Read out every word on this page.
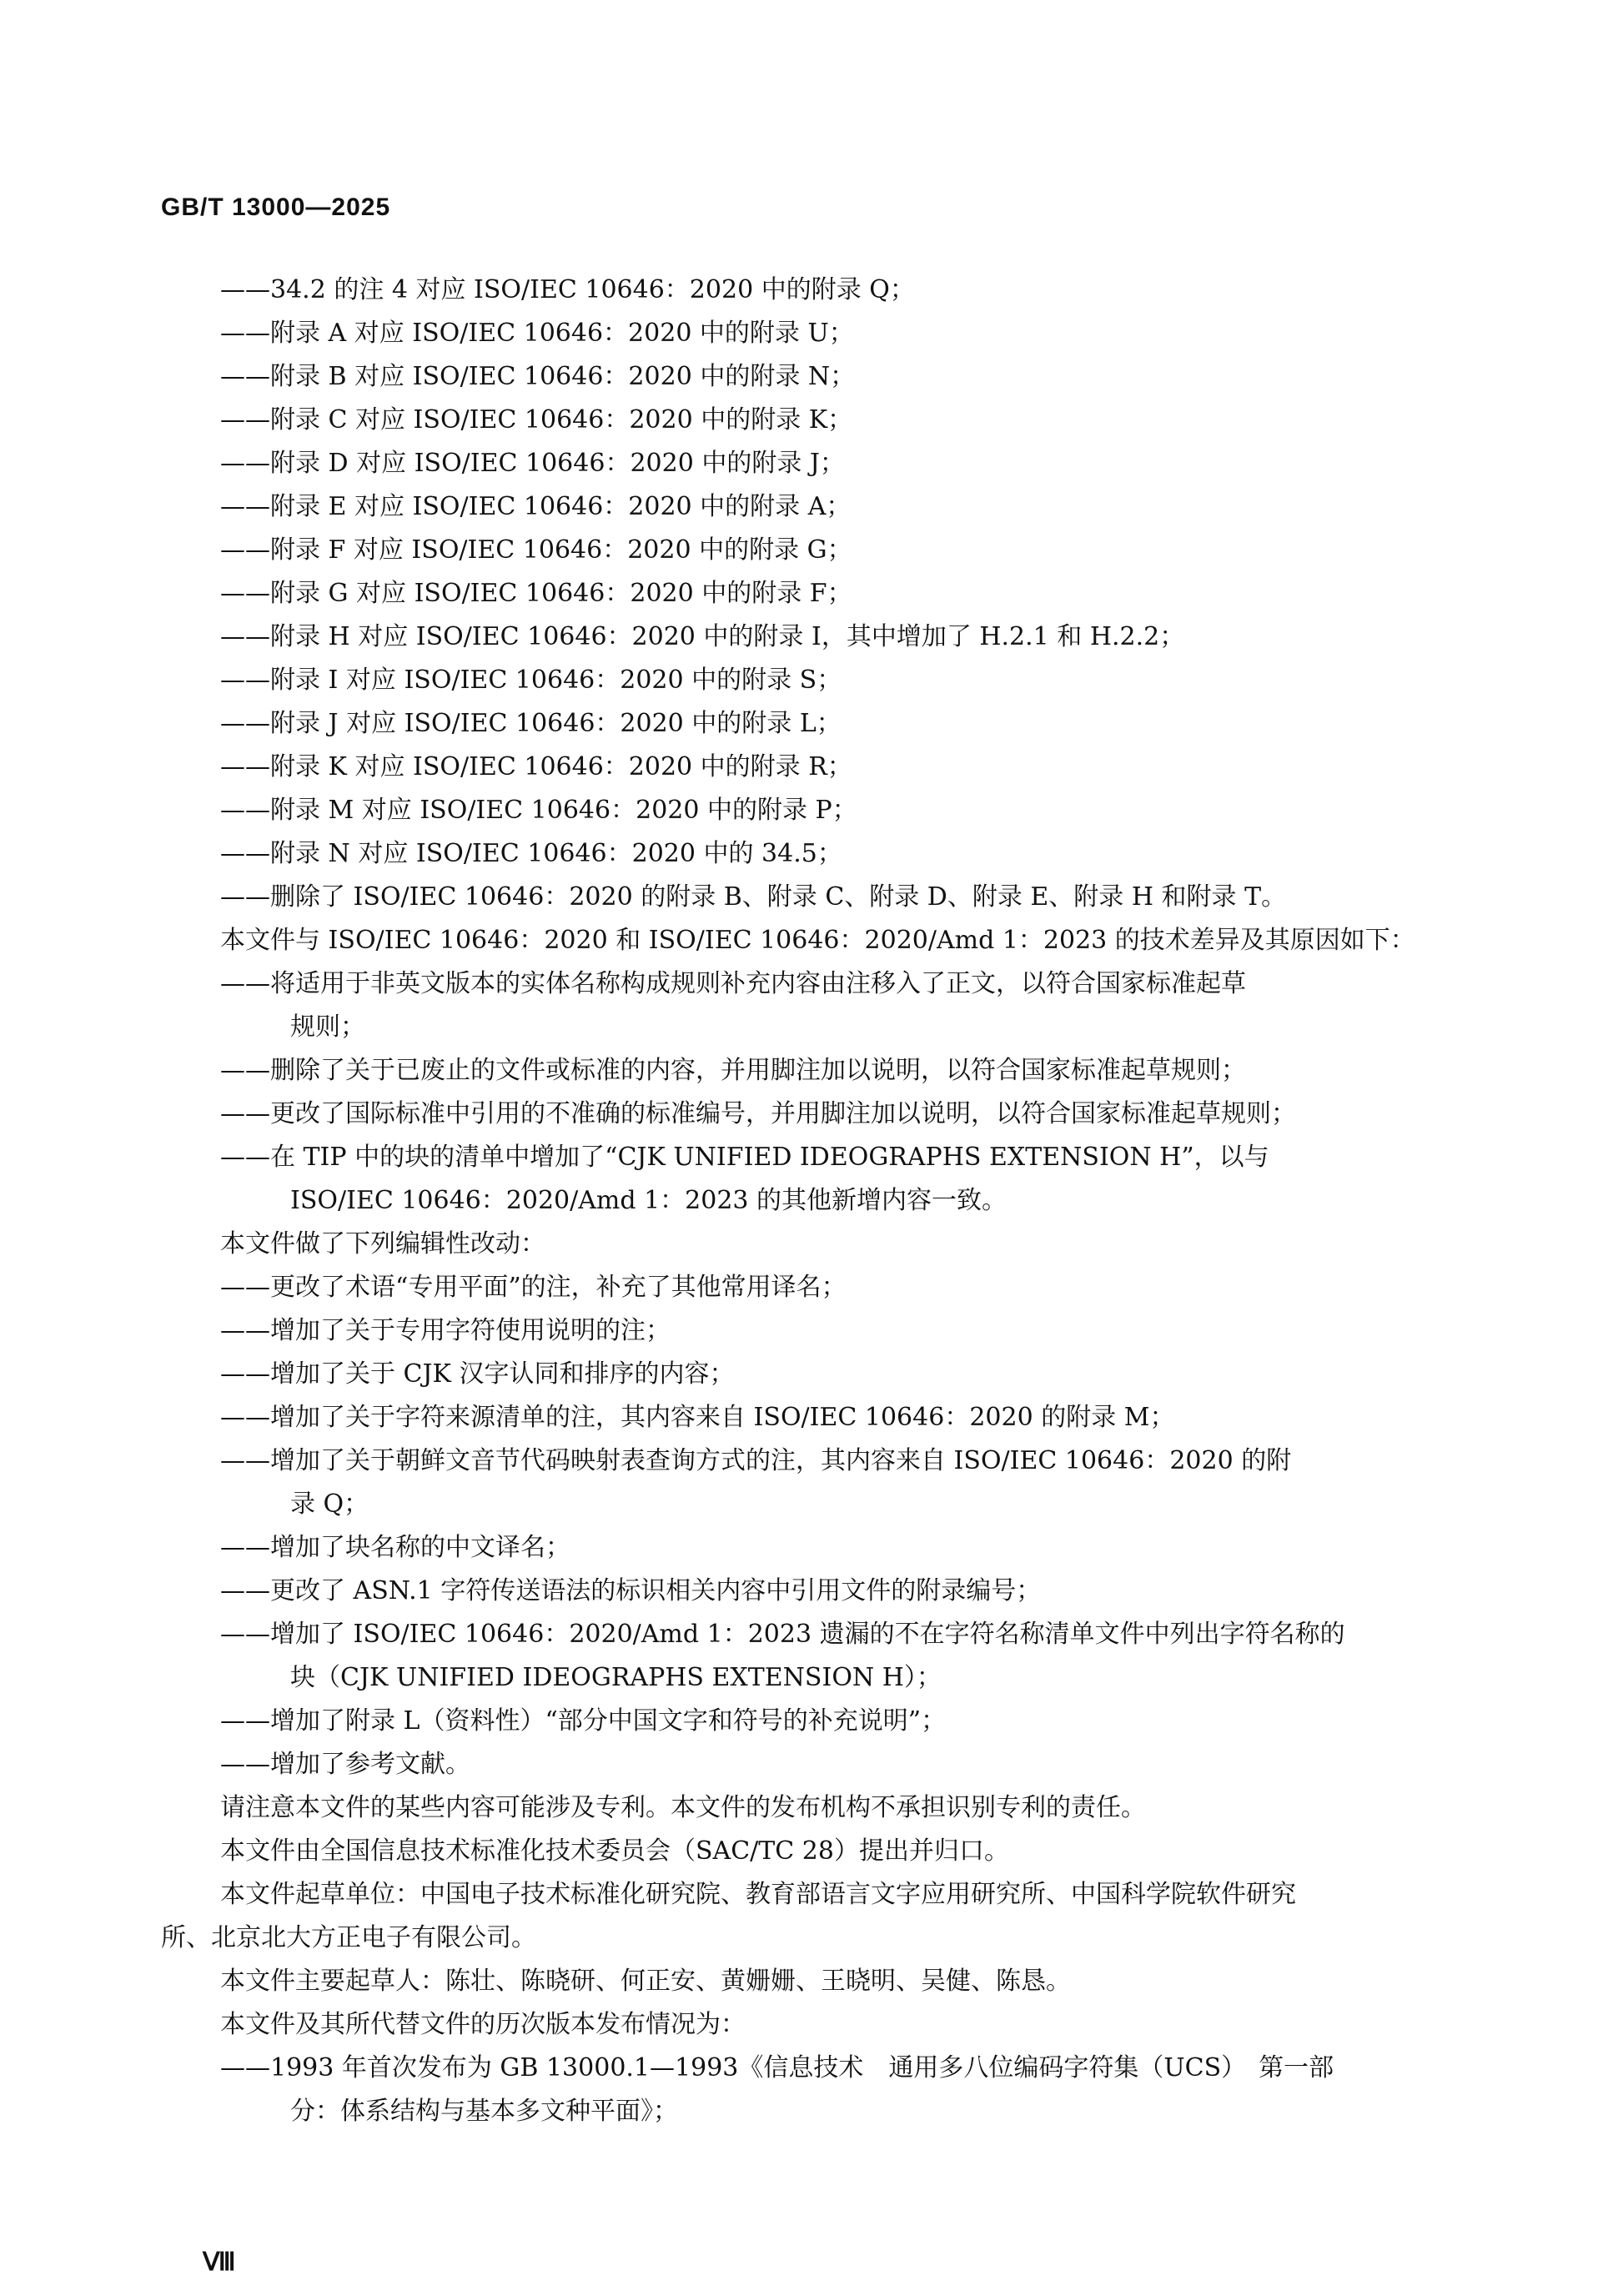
GB/T 13000—2025
——34.2 的注 4 对应 ISO/IEC 10646：2020 中的附录 Q；
——附录 A 对应 ISO/IEC 10646：2020 中的附录 U；
——附录 B 对应 ISO/IEC 10646：2020 中的附录 N；
——附录 C 对应 ISO/IEC 10646：2020 中的附录 K；
——附录 D 对应 ISO/IEC 10646：2020 中的附录 J；
——附录 E 对应 ISO/IEC 10646：2020 中的附录 A；
——附录 F 对应 ISO/IEC 10646：2020 中的附录 G；
——附录 G 对应 ISO/IEC 10646：2020 中的附录 F；
——附录 H 对应 ISO/IEC 10646：2020 中的附录 I，其中增加了 H.2.1 和 H.2.2；
——附录 I 对应 ISO/IEC 10646：2020 中的附录 S；
——附录 J 对应 ISO/IEC 10646：2020 中的附录 L；
——附录 K 对应 ISO/IEC 10646：2020 中的附录 R；
——附录 M 对应 ISO/IEC 10646：2020 中的附录 P；
——附录 N 对应 ISO/IEC 10646：2020 中的 34.5；
——删除了 ISO/IEC 10646：2020 的附录 B、附录 C、附录 D、附录 E、附录 H 和附录 T。
本文件与 ISO/IEC 10646：2020 和 ISO/IEC 10646：2020/Amd 1：2023 的技术差异及其原因如下：
——将适用于非英文版本的实体名称构成规则补充内容由注移入了正文，以符合国家标准起草
规则；
——删除了关于已废止的文件或标准的内容，并用脚注加以说明，以符合国家标准起草规则；
——更改了国际标准中引用的不准确的标准编号，并用脚注加以说明，以符合国家标准起草规则；
——在 TIP 中的块的清单中增加了“CJK UNIFIED IDEOGRAPHS EXTENSION H”，以与
ISO/IEC 10646：2020/Amd 1：2023 的其他新增内容一致。
本文件做了下列编辑性改动：
——更改了术语“专用平面”的注，补充了其他常用译名；
——增加了关于专用字符使用说明的注；
——增加了关于 CJK 汉字认同和排序的内容；
——增加了关于字符来源清单的注，其内容来自 ISO/IEC 10646：2020 的附录 M；
——增加了关于朝鲜文音节代码映射表查询方式的注，其内容来自 ISO/IEC 10646：2020 的附
录 Q；
——增加了块名称的中文译名；
——更改了 ASN.1 字符传送语法的标识相关内容中引用文件的附录编号；
——增加了 ISO/IEC 10646：2020/Amd 1：2023 遗漏的不在字符名称清单文件中列出字符名称的
块（CJK UNIFIED IDEOGRAPHS EXTENSION H）；
——增加了附录 L（资料性）“部分中国文字和符号的补充说明”；
——增加了参考文献。
请注意本文件的某些内容可能涉及专利。本文件的发布机构不承担识别专利的责任。
本文件由全国信息技术标准化技术委员会（SAC/TC 28）提出并归口。
本文件起草单位：中国电子技术标准化研究院、教育部语言文字应用研究所、中国科学院软件研究
所、北京北大方正电子有限公司。
本文件主要起草人：陈壮、陈晓研、何正安、黄姗姗、王晓明、吴健、陈恳。
本文件及其所代替文件的历次版本发布情况为：
——1993 年首次发布为 GB 13000.1—1993《信息技术　通用多八位编码字符集（UCS）　第一部
分：体系结构与基本多文种平面》；
Ⅷ
